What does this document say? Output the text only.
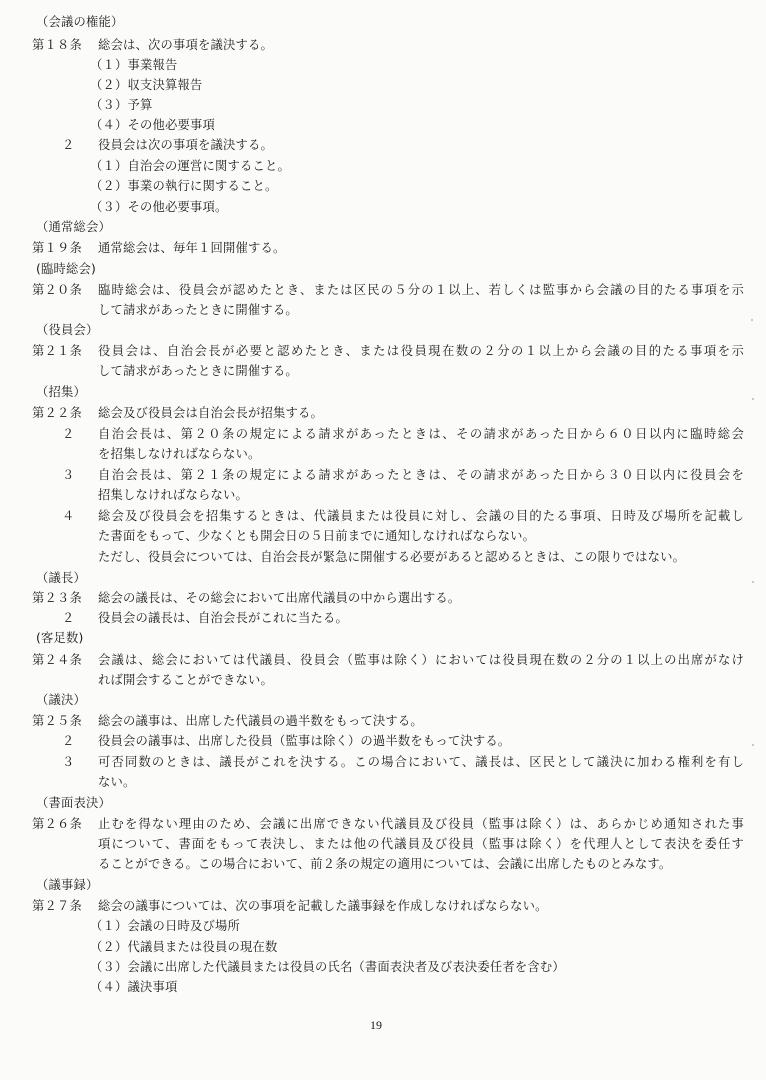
（会議の権能）
第１８条 総会は、次の事項を議決する。
（１）事業報告
（２）収支決算報告
（３）予算
（４）その他必要事項
２ 役員会は次の事項を議決する。
（１）自治会の運営に関すること。
（２）事業の執行に関すること。
（３）その他必要事項。
（通常総会）
第１９条 通常総会は、毎年１回開催する。
(臨時総会)
第２０条 臨時総会は、役員会が認めたとき、または区民の５分の１以上、若しくは監事から会議の目的たる事項を示
して請求があったときに開催する。
（役員会）
第２１条 役員会は、自治会長が必要と認めたとき、または役員現在数の２分の１以上から会議の目的たる事項を示
して請求があったときに開催する。
（招集）
第２２条 総会及び役員会は自治会長が招集する。
２ 自治会長は、第２０条の規定による請求があったときは、その請求があった日から６０日以内に臨時総会
を招集しなければならない。
３ 自治会長は、第２１条の規定による請求があったときは、その請求があった日から３０日以内に役員会を
招集しなければならない。
４ 総会及び役員会を招集するときは、代議員または役員に対し、会議の目的たる事項、日時及び場所を記載し
た書面をもって、少なくとも開会日の５日前までに通知しなければならない。
ただし、役員会については、自治会長が緊急に開催する必要があると認めるときは、この限りではない。
（議長）
第２３条 総会の議長は、その総会において出席代議員の中から選出する。
２ 役員会の議長は、自治会長がこれに当たる。
(客足数)
第２４条 会議は、総会においては代議員、役員会（監事は除く）においては役員現在数の２分の１以上の出席がなけ
れば開会することができない。
（議決）
第２５条 総会の議事は、出席した代議員の過半数をもって決する。
２ 役員会の議事は、出席した役員（監事は除く）の過半数をもって決する。
３ 可否同数のときは、議長がこれを決する。この場合において、議長は、区民として議決に加わる権利を有し
ない。
（書面表決）
第２６条 止むを得ない理由のため、会議に出席できない代議員及び役員（監事は除く）は、あらかじめ通知された事
項について、書面をもって表決し、または他の代議員及び役員（監事は除く）を代理人として表決を委任す
ることができる。この場合において、前２条の規定の適用については、会議に出席したものとみなす。
（議事録）
第２７条 総会の議事については、次の事項を記載した議事録を作成しなければならない。
（１）会議の日時及び場所
（２）代議員または役員の現在数
（３）会議に出席した代議員または役員の氏名（書面表決者及び表決委任者を含む）
（４）議決事項
19
